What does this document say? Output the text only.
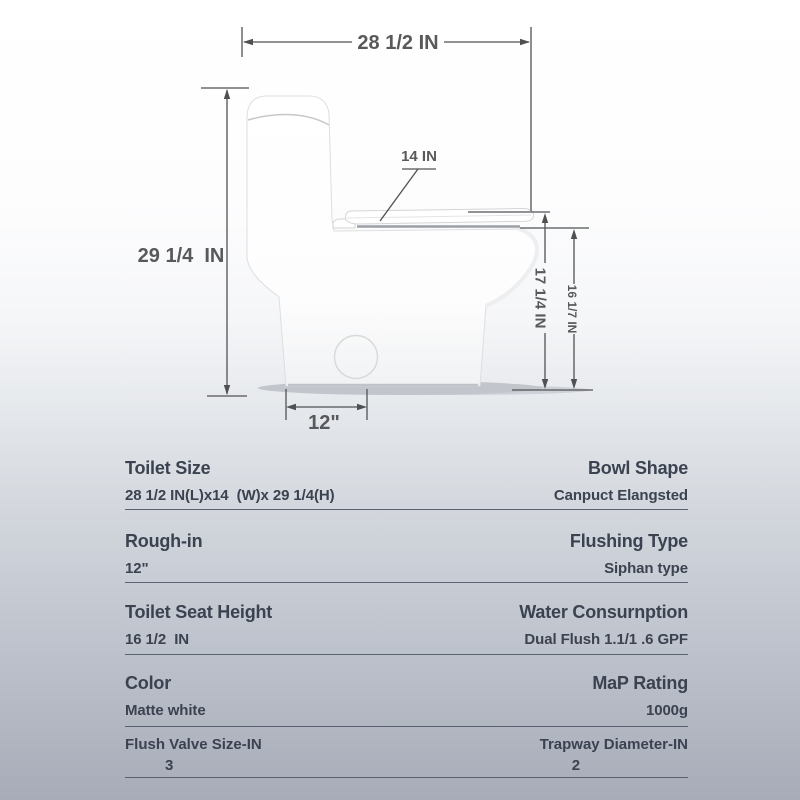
28 1/2 IN
29 1/4  IN
14 IN
17 1/4 IN 16 1/7 IN
12"
Toilet Size
28 1/2 IN(L)x14  (W)x 29 1/4(H)
Bowl Shape
Canpuct Elangsted
Rough-in
12"
Flushing Type
Siphan type
Toilet Seat Height
16 1/2  IN
Water Consurnption
Dual Flush 1.1/1 .6 GPF
Color
Matte white
MaP Rating
1000g
Flush Valve Size-IN
3
Trapway Diameter-IN
2
